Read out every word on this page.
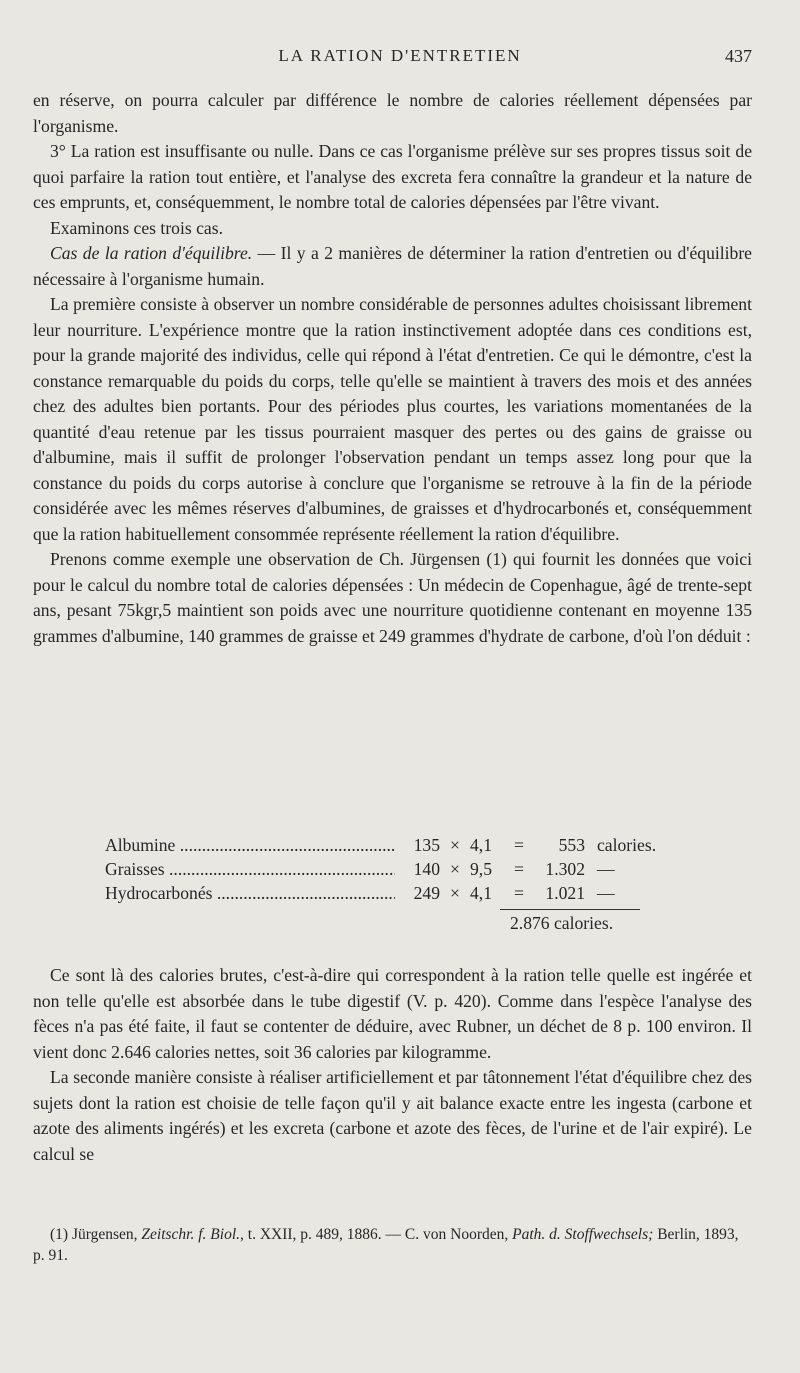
LA RATION D'ENTRETIEN	437

en réserve, on pourra calculer par différence le nombre de calories réellement dépensées par l'organisme.

3° La ration est insuffisante ou nulle. Dans ce cas l'organisme prélève sur ses propres tissus soit de quoi parfaire la ration tout entière, et l'analyse des excreta fera connaître la grandeur et la nature de ces emprunts, et, conséquemment, le nombre total de calories dépensées par l'être vivant.

Examinons ces trois cas.

Cas de la ration d'équilibre. — Il y a 2 manières de déterminer la ration d'entretien ou d'équilibre nécessaire à l'organisme humain.

La première consiste à observer un nombre considérable de personnes adultes choisissant librement leur nourriture. L'expérience montre que la ration instinctivement adoptée dans ces conditions est, pour la grande majorité des individus, celle qui répond à l'état d'entretien. Ce qui le démontre, c'est la constance remarquable du poids du corps, telle qu'elle se maintient à travers des mois et des années chez des adultes bien portants. Pour des périodes plus courtes, les variations momentanées de la quantité d'eau retenue par les tissus pourraient masquer des pertes ou des gains de graisse ou d'albumine, mais il suffit de prolonger l'observation pendant un temps assez long pour que la constance du poids du corps autorise à conclure que l'organisme se retrouve à la fin de la période considérée avec les mêmes réserves d'albumines, de graisses et d'hydrocarbonés et, conséquemment que la ration habituellement consommée représente réellement la ration d'équilibre.

Prenons comme exemple une observation de Ch. Jürgensen (1) qui fournit les données que voici pour le calcul du nombre total de calories dépensées : Un médecin de Copenhague, âgé de trente-sept ans, pesant 75kgr,5 maintient son poids avec une nourriture quotidienne contenant en moyenne 135 grammes d'albumine, 140 grammes de graisse et 249 grammes d'hydrate de carbone, d'où l'on déduit :

Albumine .....	135 × 4,1	=	553 calories.
Graisses .....	140 × 9,5	=	1.302 —
Hydrocarbonés .....	249 × 4,1	=	1.021 —
2.876 calories.

Ce sont là des calories brutes, c'est-à-dire qui correspondent à la ration telle quelle est ingérée et non telle qu'elle est absorbée dans le tube digestif (V. p. 420). Comme dans l'espèce l'analyse des fèces n'a pas été faite, il faut se contenter de déduire, avec Rubner, un déchet de 8 p. 100 environ. Il vient donc 2.646 calories nettes, soit 36 calories par kilogramme.

La seconde manière consiste à réaliser artificiellement et par tâtonnement l'état d'équilibre chez des sujets dont la ration est choisie de telle façon qu'il y ait balance exacte entre les ingesta (carbone et azote des aliments ingérés) et les excreta (carbone et azote des fèces, de l'urine et de l'air expiré). Le calcul se

(1) Jürgensen, Zeitschr. f. Biol., t. XXII, p. 489, 1886. — C. von Noorden, Path. d. Stoffwechsels; Berlin, 1893, p. 91.
